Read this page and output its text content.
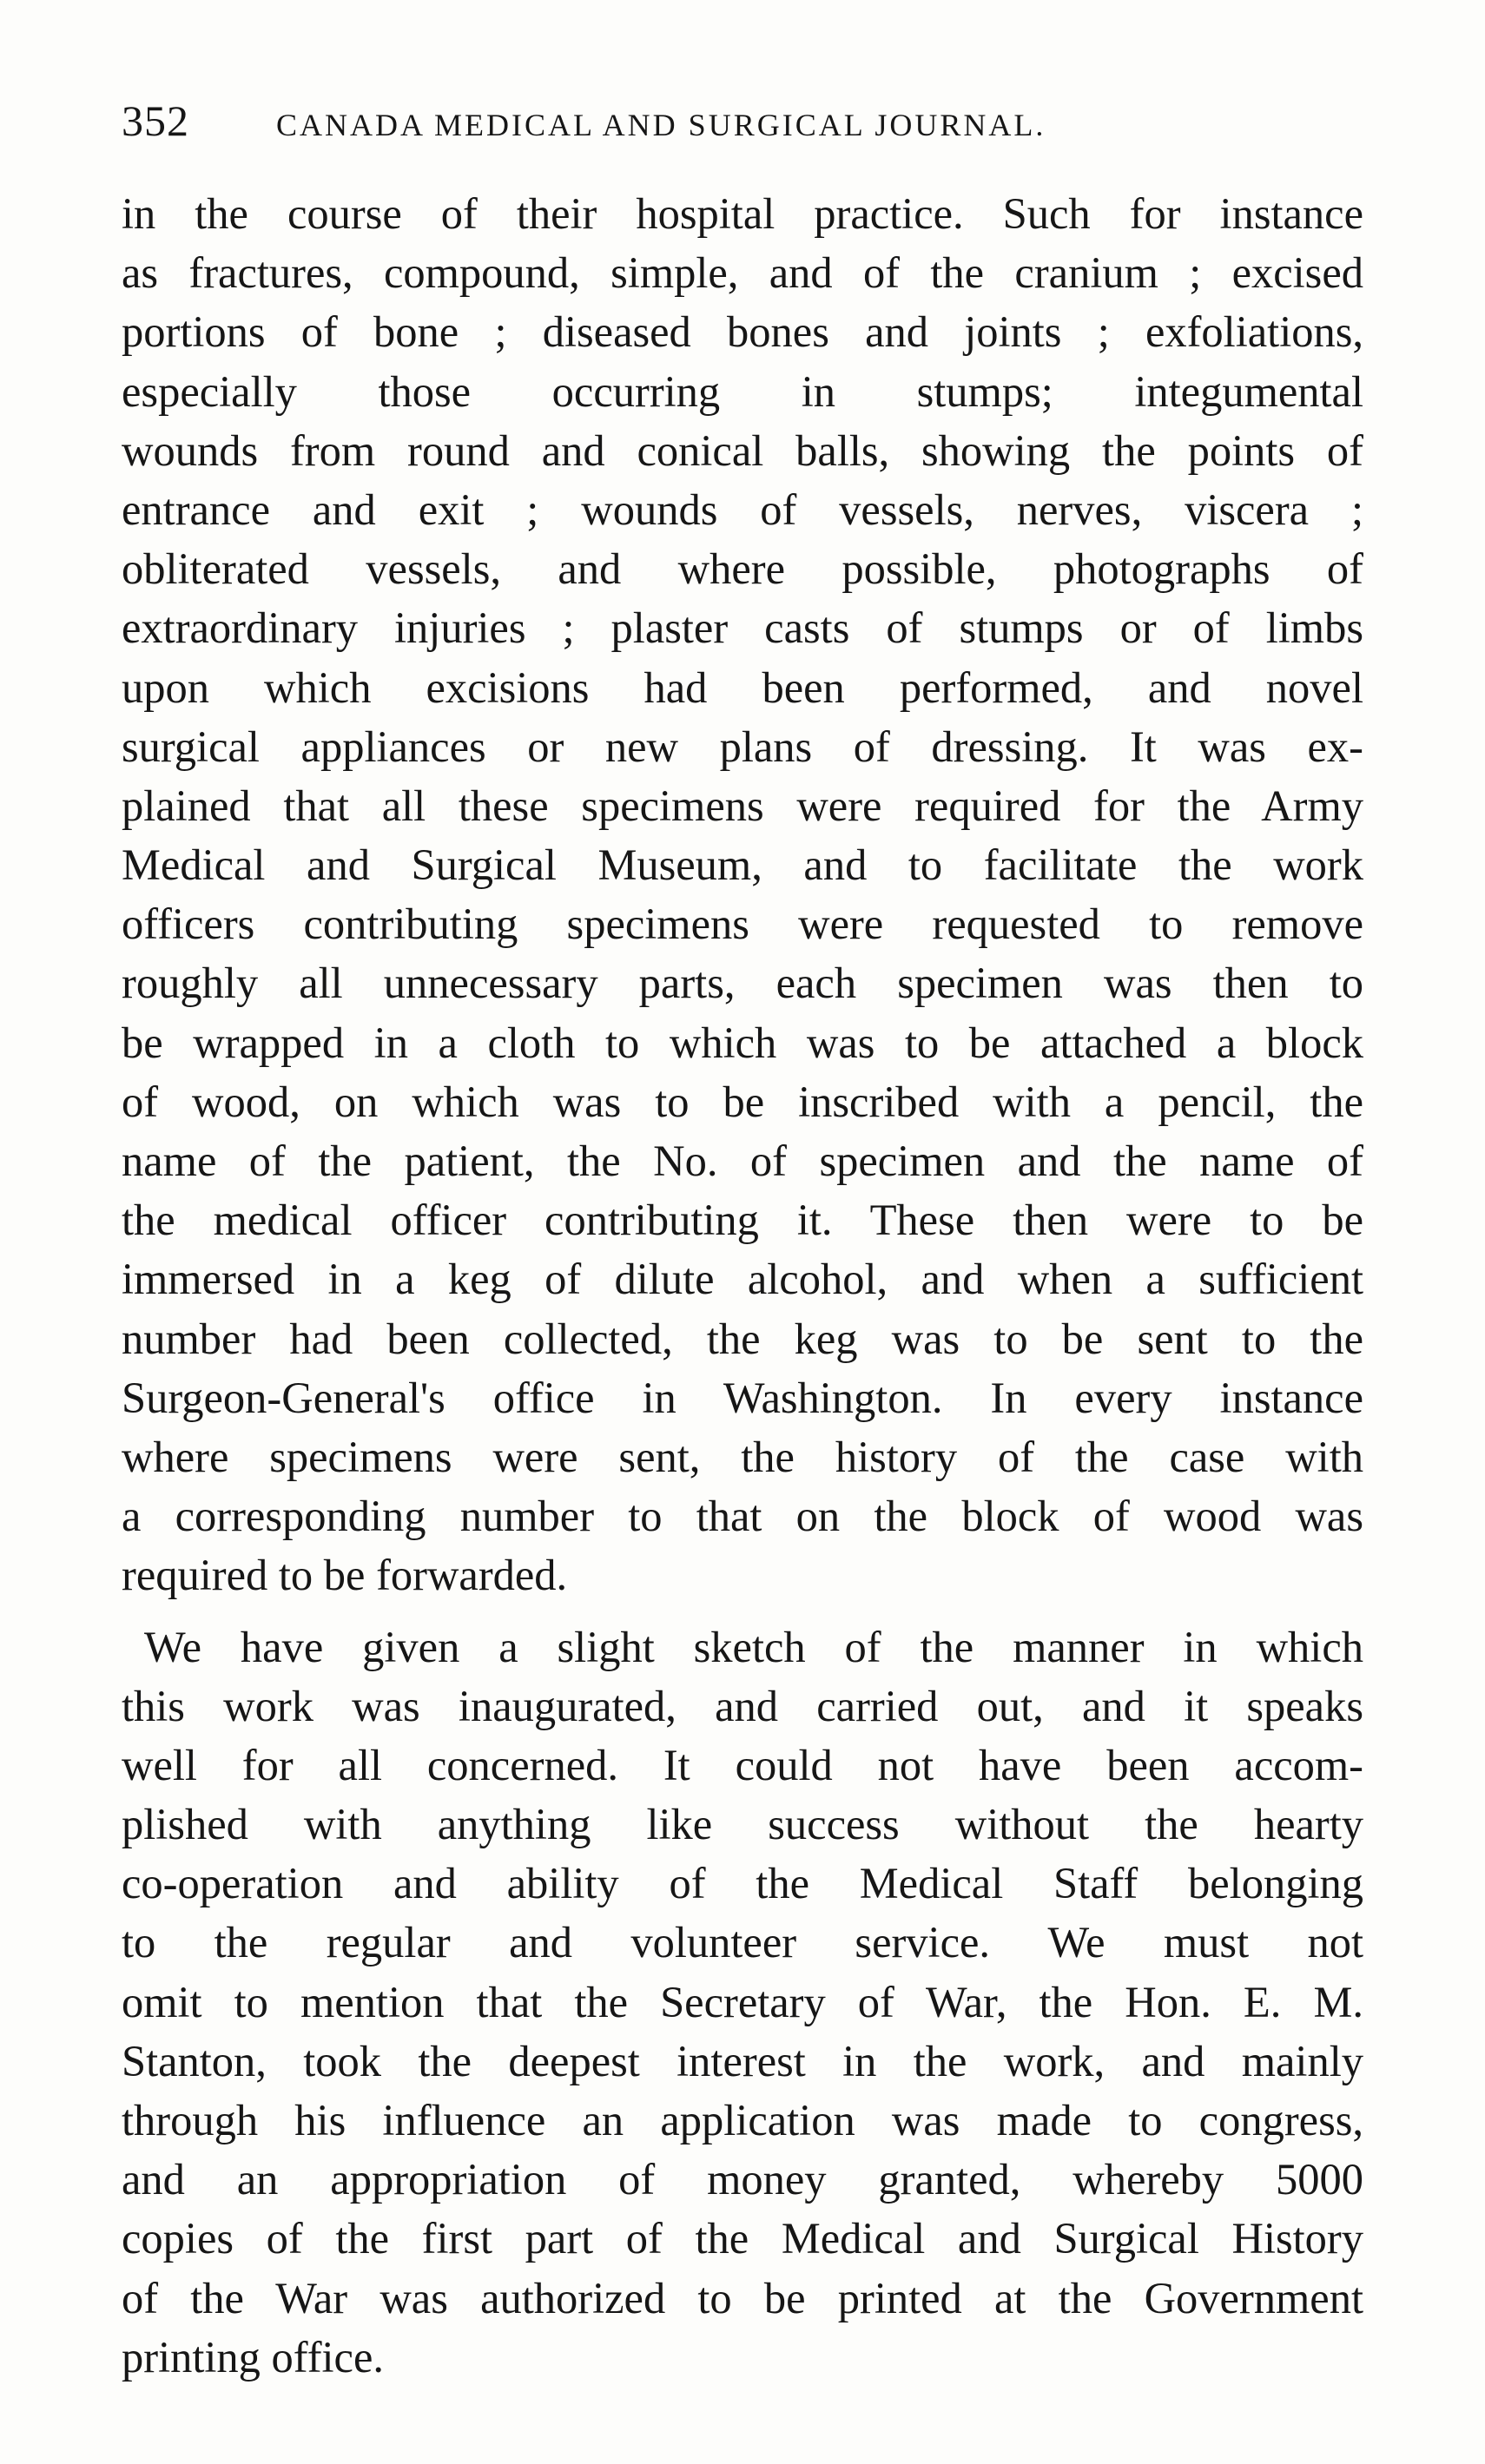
352	CANADA MEDICAL AND SURGICAL JOURNAL.
in the course of their hospital practice. Such for instance
as fractures, compound, simple, and of the cranium ; excised
portions of bone ; diseased bones and joints ; exfoliations,
especially those occurring in stumps; integumental
wounds from round and conical balls, showing the points of
entrance and exit ; wounds of vessels, nerves, viscera ;
obliterated vessels, and where possible, photographs of
extraordinary injuries ; plaster casts of stumps or of limbs
upon which excisions had been performed, and novel
surgical appliances or new plans of dressing. It was ex-
plained that all these specimens were required for the Army
Medical and Surgical Museum, and to facilitate the work
officers contributing specimens were requested to remove
roughly all unnecessary parts, each specimen was then to
be wrapped in a cloth to which was to be attached a block
of wood, on which was to be inscribed with a pencil, the
name of the patient, the No. of specimen and the name of
the medical officer contributing it. These then were to be
immersed in a keg of dilute alcohol, and when a sufficient
number had been collected, the keg was to be sent to the
Surgeon-General's office in Washington. In every instance
where specimens were sent, the history of the case with
a corresponding number to that on the block of wood was
required to be forwarded.
We have given a slight sketch of the manner in which
this work was inaugurated, and carried out, and it speaks
well for all concerned. It could not have been accom-
plished with anything like success without the hearty
co-operation and ability of the Medical Staff belonging
to the regular and volunteer service. We must not
omit to mention that the Secretary of War, the Hon. E. M.
Stanton, took the deepest interest in the work, and mainly
through his influence an application was made to congress,
and an appropriation of money granted, whereby 5000
copies of the first part of the Medical and Surgical History
of the War was authorized to be printed at the Government
printing office.
